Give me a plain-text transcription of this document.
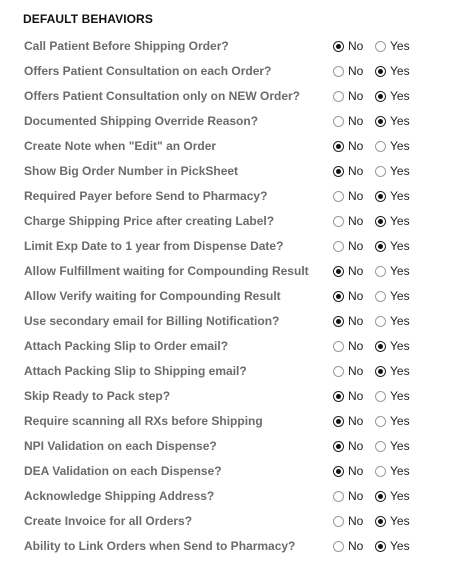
DEFAULT BEHAVIORS
Call Patient Before Shipping Order?	No Yes
Offers Patient Consultation on each Order?	No Yes
Offers Patient Consultation only on NEW Order?	No Yes
Documented Shipping Override Reason?	No Yes
Create Note when "Edit" an Order	No Yes
Show Big Order Number in PickSheet	No Yes
Required Payer before Send to Pharmacy?	No Yes
Charge Shipping Price after creating Label?	No Yes
Limit Exp Date to 1 year from Dispense Date?	No Yes
Allow Fulfillment waiting for Compounding Result	No Yes
Allow Verify waiting for Compounding Result	No Yes
Use secondary email for Billing Notification?	No Yes
Attach Packing Slip to Order email?	No Yes
Attach Packing Slip to Shipping email?	No Yes
Skip Ready to Pack step?	No Yes
Require scanning all RXs before Shipping	No Yes
NPI Validation on each Dispense?	No Yes
DEA Validation on each Dispense?	No Yes
Acknowledge Shipping Address?	No Yes
Create Invoice for all Orders?	No Yes
Ability to Link Orders when Send to Pharmacy?	No Yes
